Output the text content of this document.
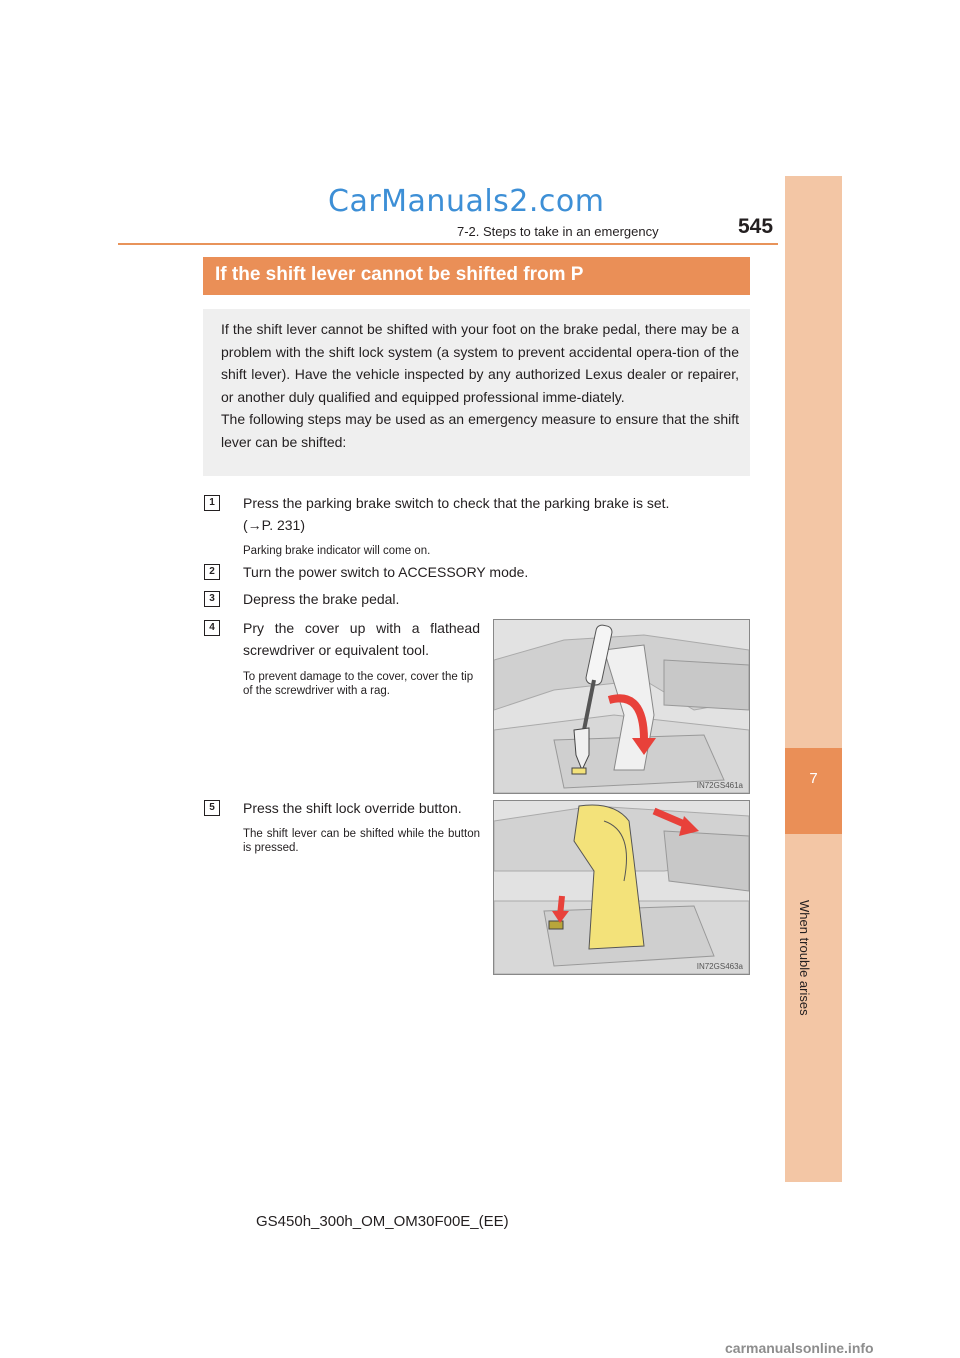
CarManuals2.com
545
7-2. Steps to take in an emergency
7
When trouble arises
If the shift lever cannot be shifted from P

If the shift lever cannot be shifted with your foot on the brake pedal, there may be a problem with the shift lock system (a system to prevent accidental opera-tion of the shift lever). Have the vehicle inspected by any authorized Lexus dealer or repairer, or another duly qualified and equipped professional imme-diately.

The following steps may be used as an emergency measure to ensure that the shift lever can be shifted:

1	Press the parking brake switch to check that the parking brake is set.
(→P. 231)
Parking brake indicator will come on.
2	Turn the power switch to ACCESSORY mode.
3	Depress the brake pedal.
4	Pry the cover up with a flathead screwdriver or equivalent tool.
To prevent damage to the cover, cover the tip of the screwdriver with a rag.
IN72GS461a
5	Press the shift lock override button.
The shift lever can be shifted while the button is pressed.
IN72GS463a
GS450h_300h_OM_OM30F00E_(EE)
carmanualsonline.info
